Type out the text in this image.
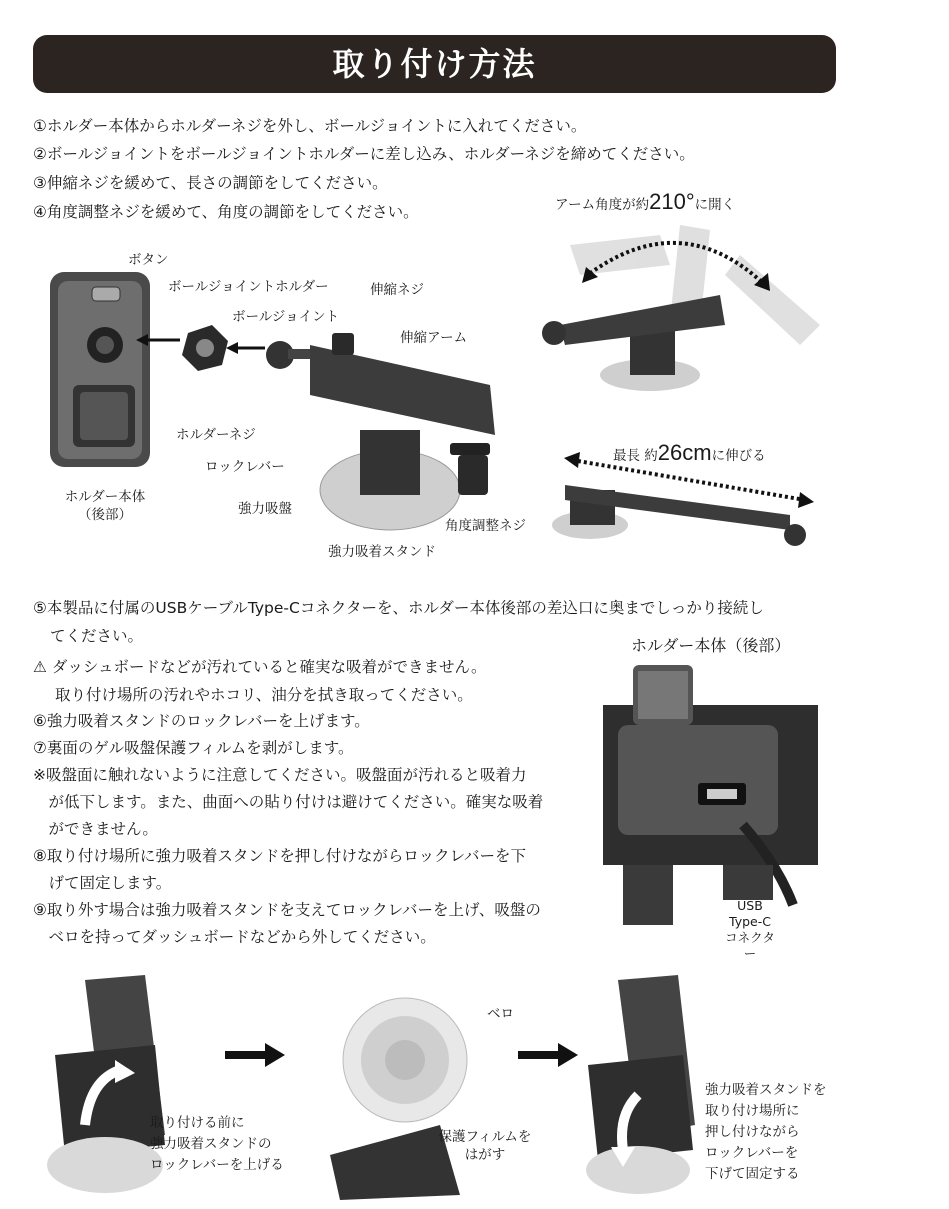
取り付け方法
①ホルダー本体からホルダーネジを外し、ボールジョイントに入れてください。
②ボールジョイントをボールジョイントホルダーに差し込み、ホルダーネジを締めてください。
③伸縮ネジを緩めて、長さの調節をしてください。
④角度調整ネジを緩めて、角度の調節をしてください。	アーム角度が約210°に開く
ボタン
ボールジョイントホルダー
ボールジョイント
伸縮ネジ
伸縮アーム
ホルダーネジ
ロックレバー
強力吸盤
角度調整ネジ
強力吸着スタンド
ホルダー本体
（後部）
最長 約26cmに伸びる
⑤本製品に付属のUSBケーブルType-Cコネクターを、ホルダー本体後部の差込口に奥までしっかり接続し
てください。	ホルダー本体（後部）
⚠ ダッシュボードなどが汚れていると確実な吸着ができません。
取り付け場所の汚れやホコリ、油分を拭き取ってください。
⑥強力吸着スタンドのロックレバーを上げます。
⑦裏面のゲル吸盤保護フィルムを剥がします。
※吸盤面に触れないように注意してください。吸盤面が汚れると吸着力
　が低下します。また、曲面への貼り付けは避けてください。確実な吸着
　ができません。
⑧取り付け場所に強力吸着スタンドを押し付けながらロックレバーを下
　げて固定します。
⑨取り外す場合は強力吸着スタンドを支えてロックレバーを上げ、吸盤の
　ベロを持ってダッシュボードなどから外してください。
USB
Type-C
コネクター
取り付ける前に
強力吸着スタンドの
ロックレバーを上げる
ベロ
保護フィルムを
はがす
強力吸着スタンドを
取り付け場所に
押し付けながら
ロックレバーを
下げて固定する
